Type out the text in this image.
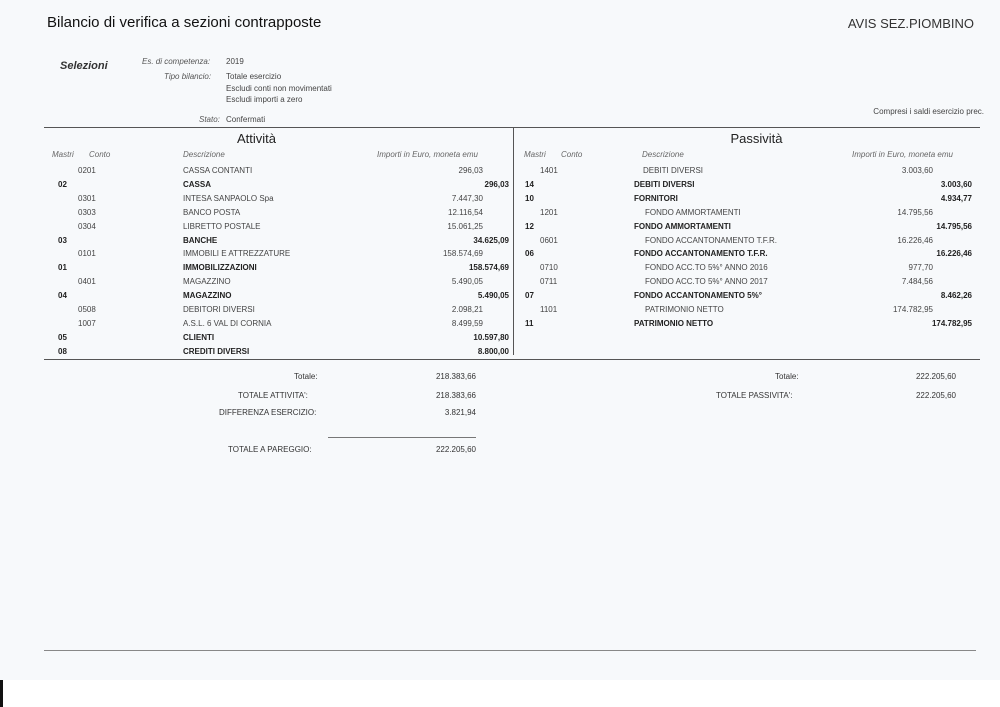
Bilancio di verifica a sezioni contrapposte	AVIS SEZ.PIOMBINO
Selezioni	Es. di competenza: 2019
Tipo bilancio: Totale esercizio
Escludi conti non movimentati
Escludi importi a zero
Stato: Confermati
Compresi i saldi esercizio prec.
Attività
Mastri Conto	Descrizione	Importi in Euro, moneta emu
Passività
Mastri Conto	Descrizione	Importi in Euro, moneta emu
0201	CASSA CONTANTI	296,03
02	CASSA	296,03
0301	INTESA SANPAOLO Spa	7.447,30
0303	BANCO POSTA	12.116,54
0304	LIBRETTO POSTALE	15.061,25
03	BANCHE	34.625,09
0101	IMMOBILI E ATTREZZATURE	158.574,69
01	IMMOBILIZZAZIONI	158.574,69
0401	MAGAZZINO	5.490,05
04	MAGAZZINO	5.490,05
0508	DEBITORI DIVERSI	2.098,21
1007	A.S.L. 6 VAL DI CORNIA	8.499,59
05	CLIENTI	10.597,80
08	CREDITI DIVERSI	8.800,00
1401	DEBITI DIVERSI	3.003,60
14	DEBITI DIVERSI	3.003,60
10	FORNITORI	4.934,77
1201	FONDO AMMORTAMENTI	14.795,56
12	FONDO AMMORTAMENTI	14.795,56
0601	FONDO ACCANTONAMENTO T.F.R.	16.226,46
06	FONDO ACCANTONAMENTO T.F.R.	16.226,46
0710	FONDO ACC.TO 5%° ANNO 2016	977,70
0711	FONDO ACC.TO 5%° ANNO 2017	7.484,56
07	FONDO ACCANTONAMENTO 5%°	8.462,26
1101	PATRIMONIO NETTO	174.782,95
11	PATRIMONIO NETTO	174.782,95
Totale:	218.383,66
TOTALE ATTIVITA':	218.383,66
DIFFERENZA ESERCIZIO:	3.821,94
TOTALE A PAREGGIO:	222.205,60
Totale:	222.205,60
TOTALE PASSIVITA':	222.205,60
